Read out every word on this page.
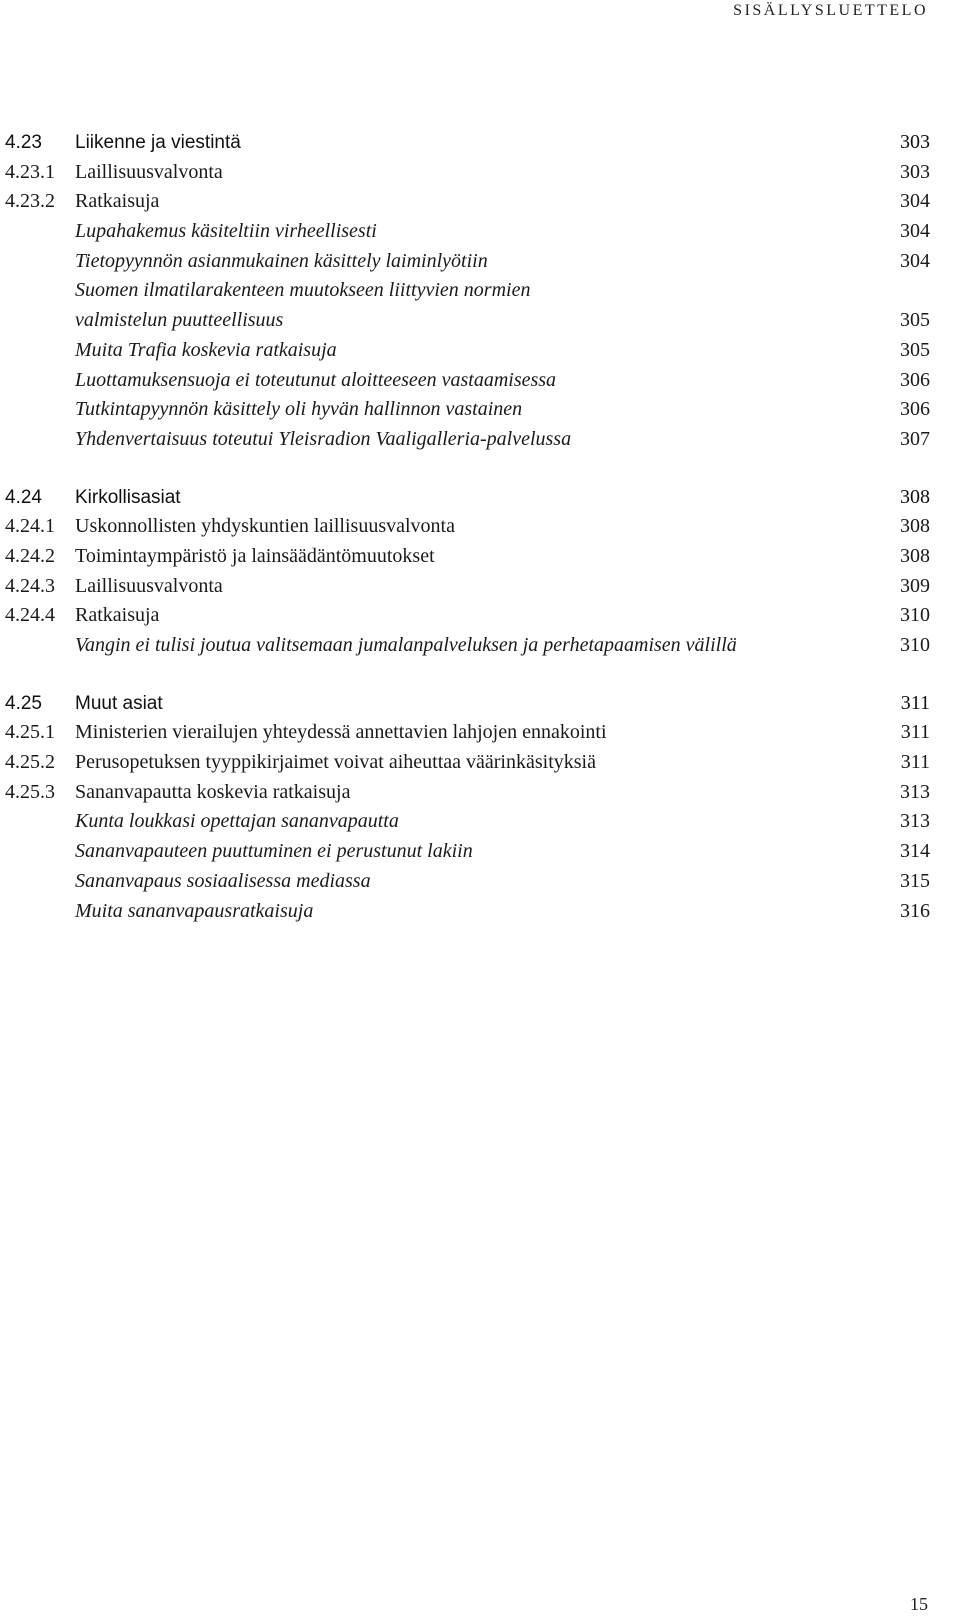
SISÄLLYSLUETTELO
4.23 Liikenne ja viestintä	303
4.23.1 Laillisuusvalvonta	303
4.23.2 Ratkaisuja	304
Lupahakemus käsiteltiin virheellisesti	304
Tietopyynnön asianmukainen käsittely laiminlyötiin	304
Suomen ilmatilarakenteen muutokseen liittyvien normien
valmistelun puutteellisuus	305
Muita Trafia koskevia ratkaisuja	305
Luottamuksensuoja ei toteutunut aloitteeseen vastaamisessa	306
Tutkintapyynnön käsittely oli hyvän hallinnon vastainen	306
Yhdenvertaisuus toteutui Yleisradion Vaaligalleria-palvelussa	307
4.24 Kirkollisasiat	308
4.24.1 Uskonnollisten yhdyskuntien laillisuusvalvonta	308
4.24.2 Toimintaympäristö ja lainsäädäntömuutokset	308
4.24.3 Laillisuusvalvonta	309
4.24.4 Ratkaisuja	310
Vangin ei tulisi joutua valitsemaan jumalanpalveluksen ja perhetapaamisen välillä	310
4.25 Muut asiat	311
4.25.1 Ministerien vierailujen yhteydessä annettavien lahjojen ennakointi	311
4.25.2 Perusopetuksen tyyppikirjaimet voivat aiheuttaa väärinkäsityksiä	311
4.25.3 Sananvapautta koskevia ratkaisuja	313
Kunta loukkasi opettajan sananvapautta	313
Sananvapauteen puuttuminen ei perustunut lakiin	314
Sananvapaus sosiaalisessa mediassa	315
Muita sananvapausratkaisuja	316
15
